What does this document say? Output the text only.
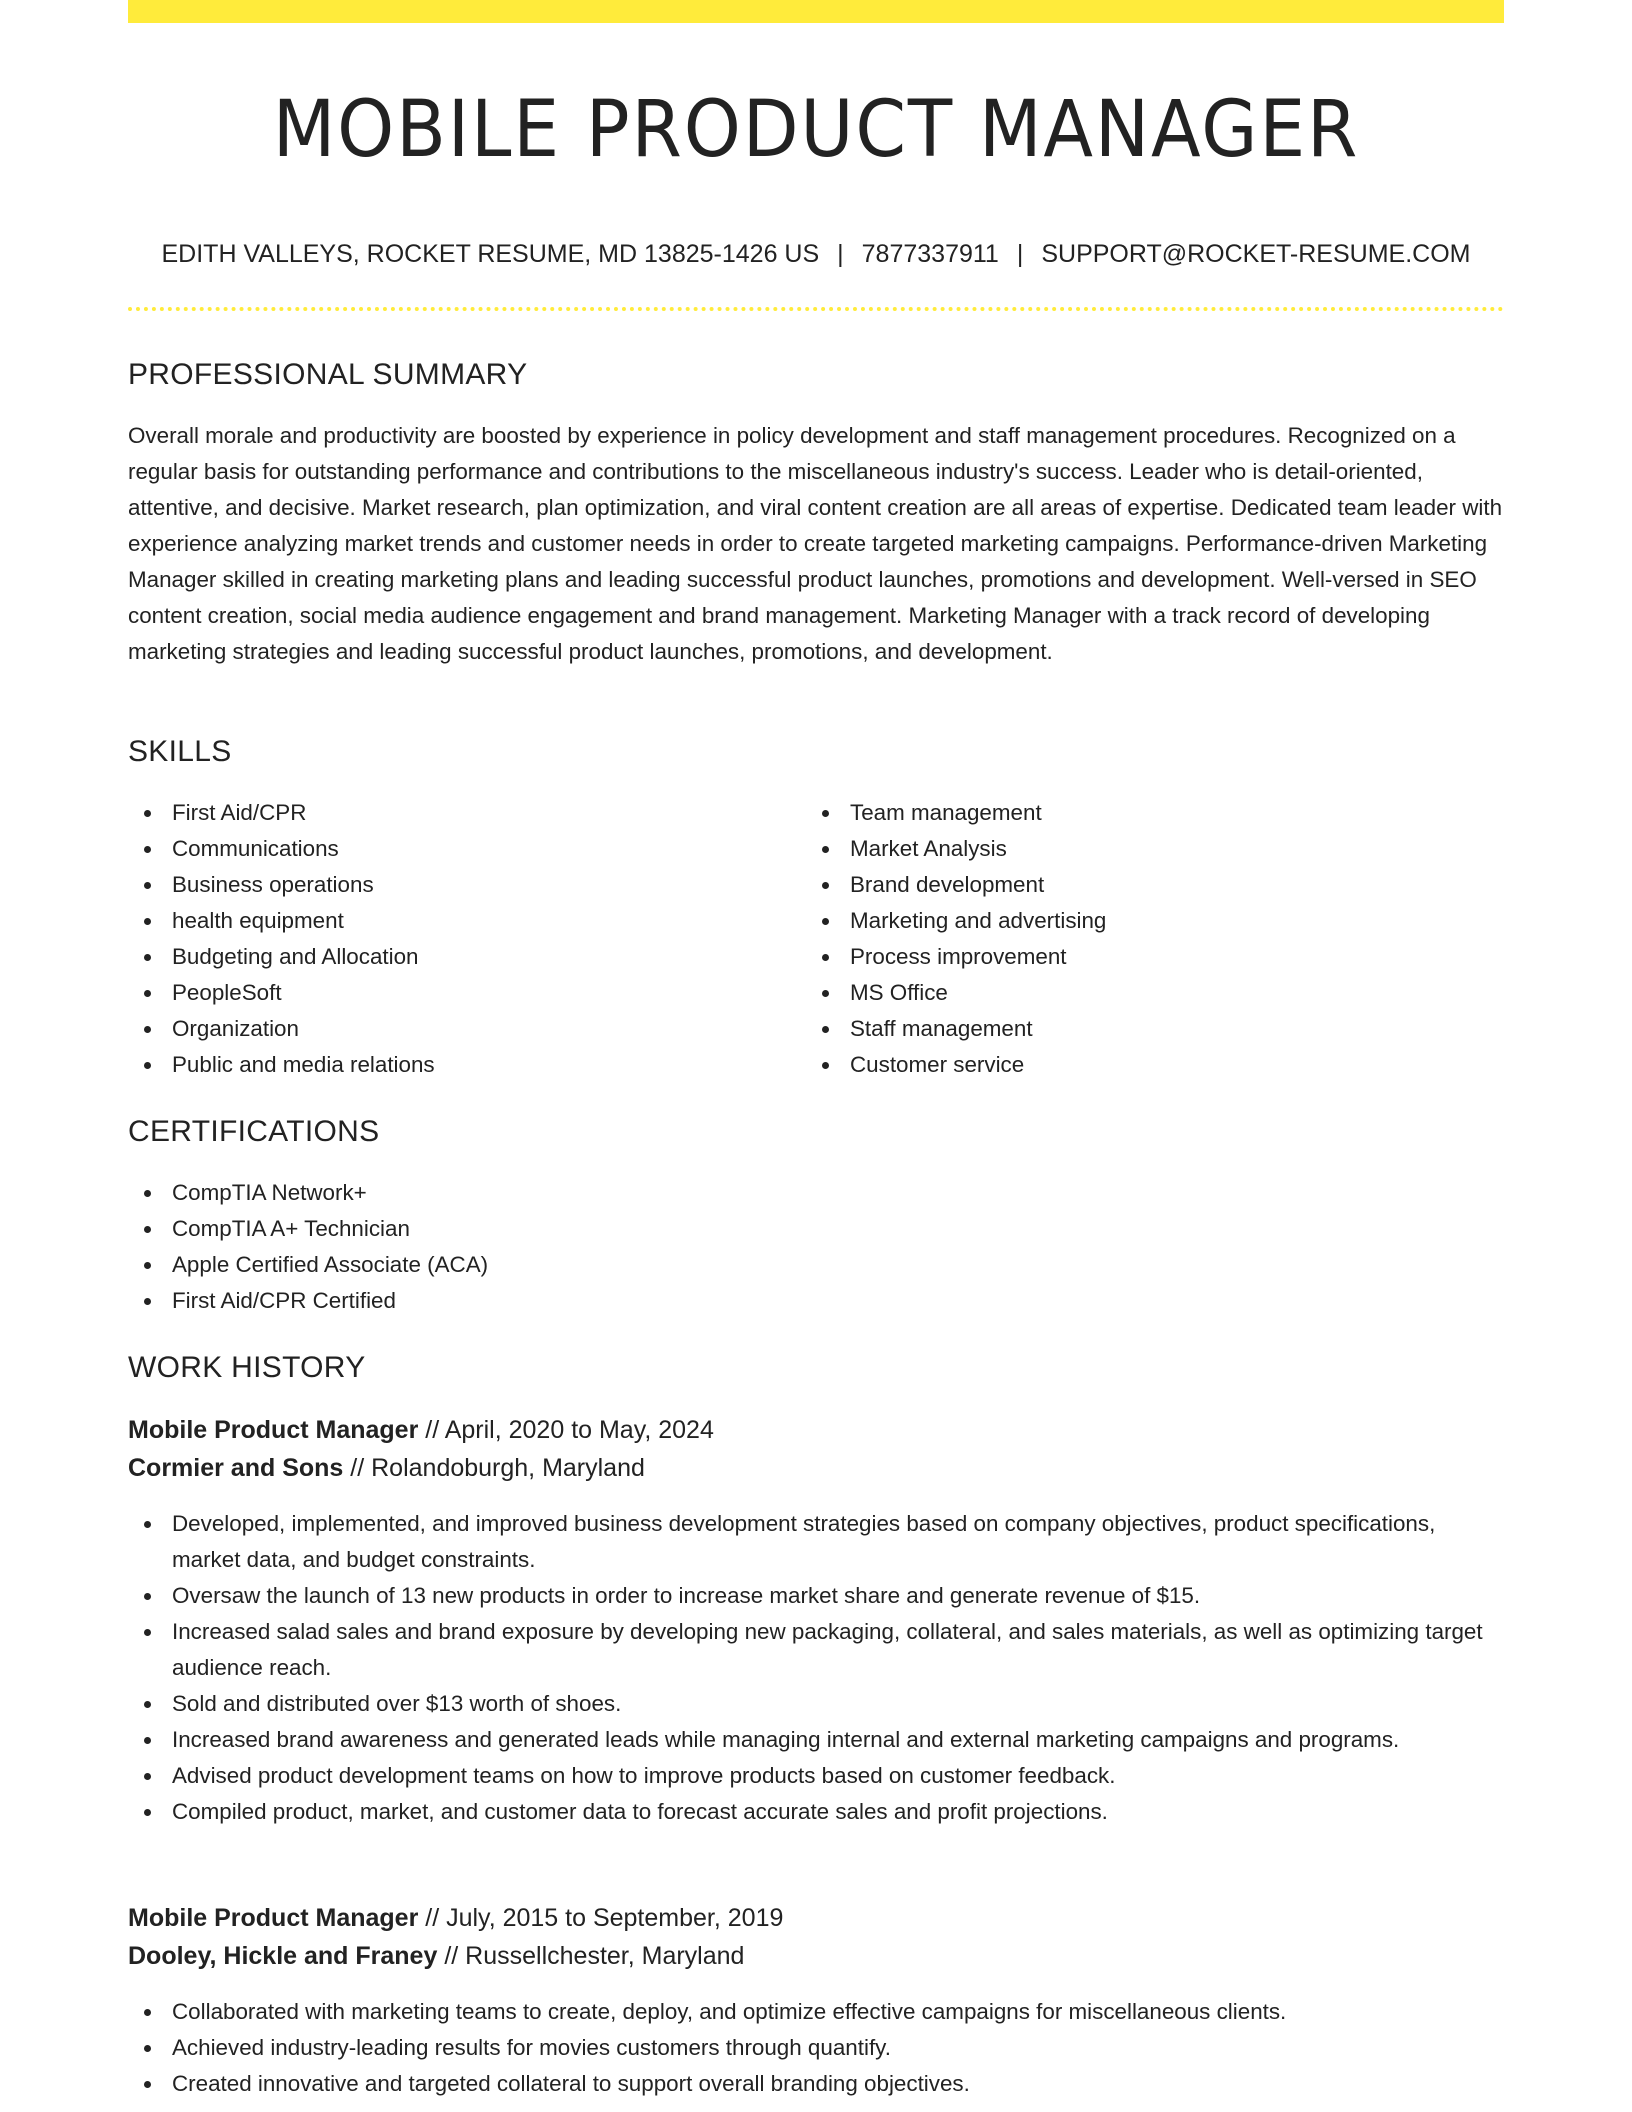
MOBILE PRODUCT MANAGER

EDITH VALLEYS, ROCKET RESUME, MD 13825-1426 US | 7877337911 | SUPPORT@ROCKET-RESUME.COM

PROFESSIONAL SUMMARY

Overall morale and productivity are boosted by experience in policy development and staff management procedures. Recognized on a regular basis for outstanding performance and contributions to the miscellaneous industry's success. Leader who is detail-oriented, attentive, and decisive. Market research, plan optimization, and viral content creation are all areas of expertise. Dedicated team leader with experience analyzing market trends and customer needs in order to create targeted marketing campaigns. Performance-driven Marketing Manager skilled in creating marketing plans and leading successful product launches, promotions and development. Well-versed in SEO content creation, social media audience engagement and brand management. Marketing Manager with a track record of developing marketing strategies and leading successful product launches, promotions, and development.

SKILLS
First Aid/CPR
Communications
Business operations
health equipment
Budgeting and Allocation
PeopleSoft
Organization
Public and media relations
Team management
Market Analysis
Brand development
Marketing and advertising
Process improvement
MS Office
Staff management
Customer service
CERTIFICATIONS
CompTIA Network+
CompTIA A+ Technician
Apple Certified Associate (ACA)
First Aid/CPR Certified
WORK HISTORY

Mobile Product Manager // April, 2020 to May, 2024

Cormier and Sons // Rolandoburgh, Maryland

Developed, implemented, and improved business development strategies based on company objectives, product specifications, market data, and budget constraints.
Oversaw the launch of 13 new products in order to increase market share and generate revenue of $15.
Increased salad sales and brand exposure by developing new packaging, collateral, and sales materials, as well as optimizing target audience reach.
Sold and distributed over $13 worth of shoes.
Increased brand awareness and generated leads while managing internal and external marketing campaigns and programs.
Advised product development teams on how to improve products based on customer feedback.
Compiled product, market, and customer data to forecast accurate sales and profit projections.

Mobile Product Manager // July, 2015 to September, 2019

Dooley, Hickle and Franey // Russellchester, Maryland

Collaborated with marketing teams to create, deploy, and optimize effective campaigns for miscellaneous clients.
Achieved industry-leading results for movies customers through quantify.
Created innovative and targeted collateral to support overall branding objectives.
